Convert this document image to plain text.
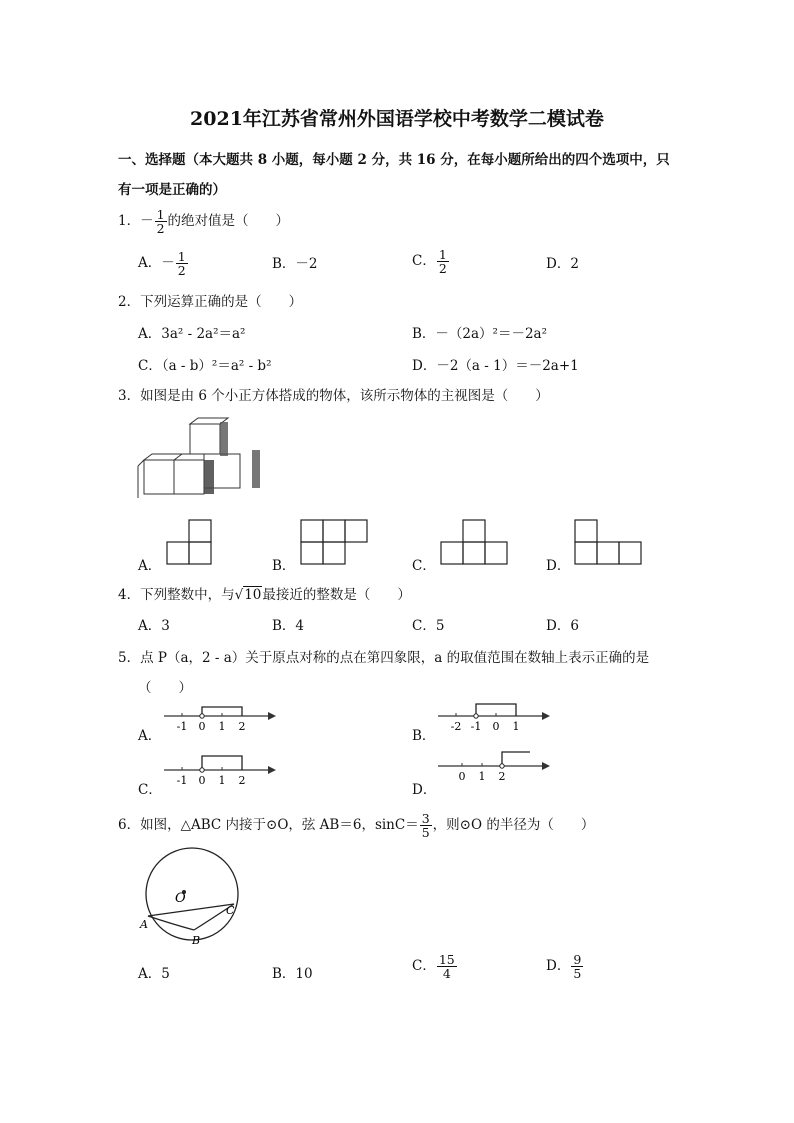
2021年江苏省常州外国语学校中考数学二模试卷
一、选择题（本大题共 8 小题，每小题 2 分，共 16 分，在每小题所给出的四个选项中，只
有一项是正确的）
1．－ $\frac{1}{2}$ 的绝对值是（　　）
A．－ $\frac{1}{2}$	B．－2	C． $\frac{1}{2}$	D．2
2．下列运算正确的是（　　）
A．3a² - 2a²＝a²	B．－（2a）²＝－2a²
C．（a - b）²＝a² - b²	D．－2（a - 1）＝－2a+1
3．如图是由 6 个小正方体搭成的物体，该所示物体的主视图是（　　）
A．	B．	C．	D．
4．下列整数中，与√10最接近的整数是（　　）
A．3	B．4	C．5	D．6
5．点 P（a，2 - a）关于原点对称的点在第四象限，a 的取值范围在数轴上表示正确的是
（　　）
A．
-1 0 1 2
B．
-2 -1 0 1
C．
-1 0 1 2
D．
0 1 2
6．如图，△ABC 内接于⊙O，弦 AB＝6，$\sin C= \frac{3}{5}$ ，则⊙O 的半径为（　　）
O
A
B
C
A．5	B．10	C． $\frac{15}{4}$	D． $\frac{9}{5}$
